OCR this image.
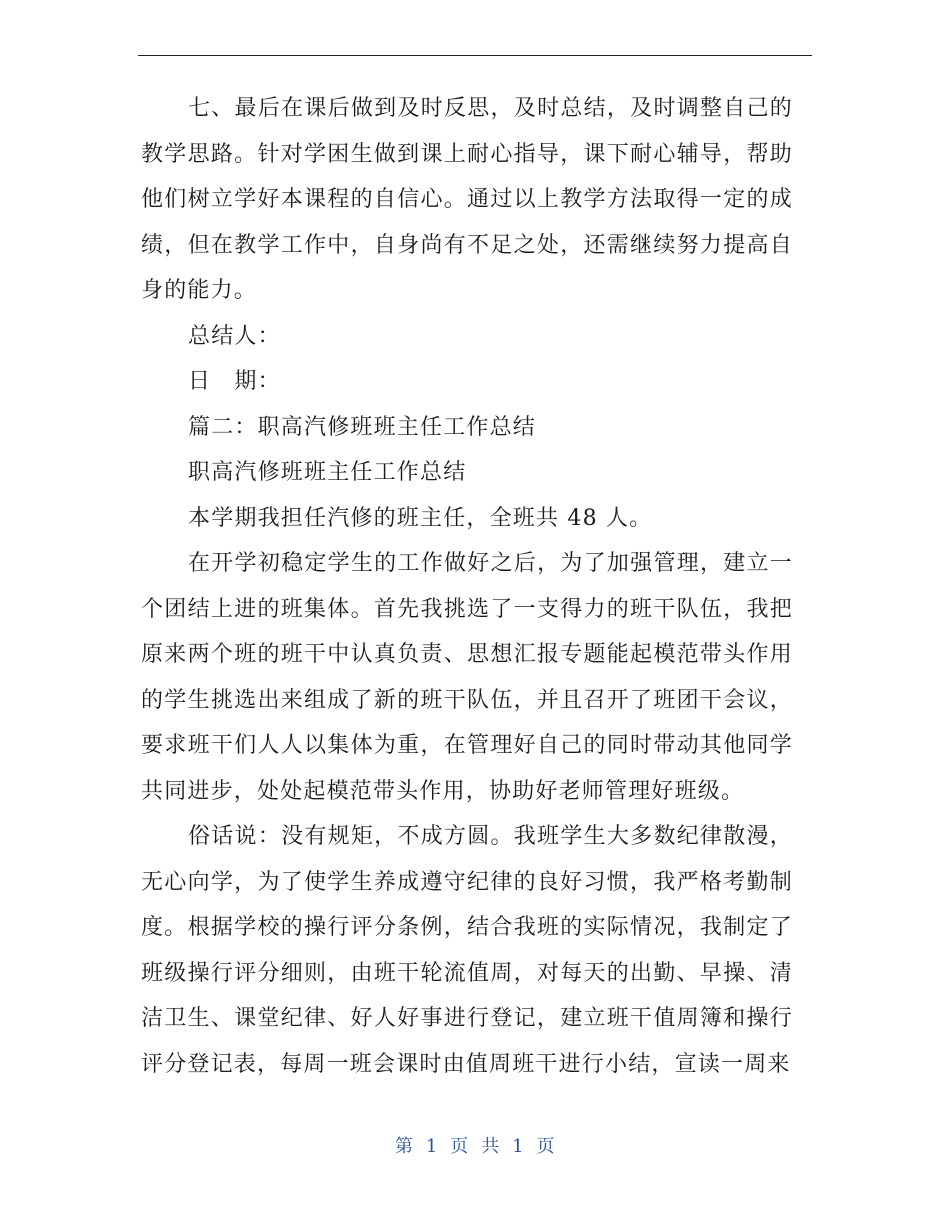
七、最后在课后做到及时反思，及时总结，及时调整自己的教学思路。针对学困生做到课上耐心指导，课下耐心辅导，帮助他们树立学好本课程的自信心。通过以上教学方法取得一定的成绩，但在教学工作中，自身尚有不足之处，还需继续努力提高自身的能力。

总结人：

日　期：

篇二：职高汽修班班主任工作总结

职高汽修班班主任工作总结

本学期我担任汽修的班主任，全班共 48 人。

在开学初稳定学生的工作做好之后，为了加强管理，建立一个团结上进的班集体。首先我挑选了一支得力的班干队伍，我把原来两个班的班干中认真负责、思想汇报专题能起模范带头作用的学生挑选出来组成了新的班干队伍，并且召开了班团干会议，要求班干们人人以集体为重，在管理好自己的同时带动其他同学共同进步，处处起模范带头作用，协助好老师管理好班级。

俗话说：没有规矩，不成方圆。我班学生大多数纪律散漫，无心向学，为了使学生养成遵守纪律的良好习惯，我严格考勤制度。根据学校的操行评分条例，结合我班的实际情况，我制定了班级操行评分细则，由班干轮流值周，对每天的出勤、早操、清洁卫生、课堂纪律、好人好事进行登记，建立班干值周簿和操行评分登记表，每周一班会课时由值周班干进行小结，宣读一周来

第  1  页  共  1  页
